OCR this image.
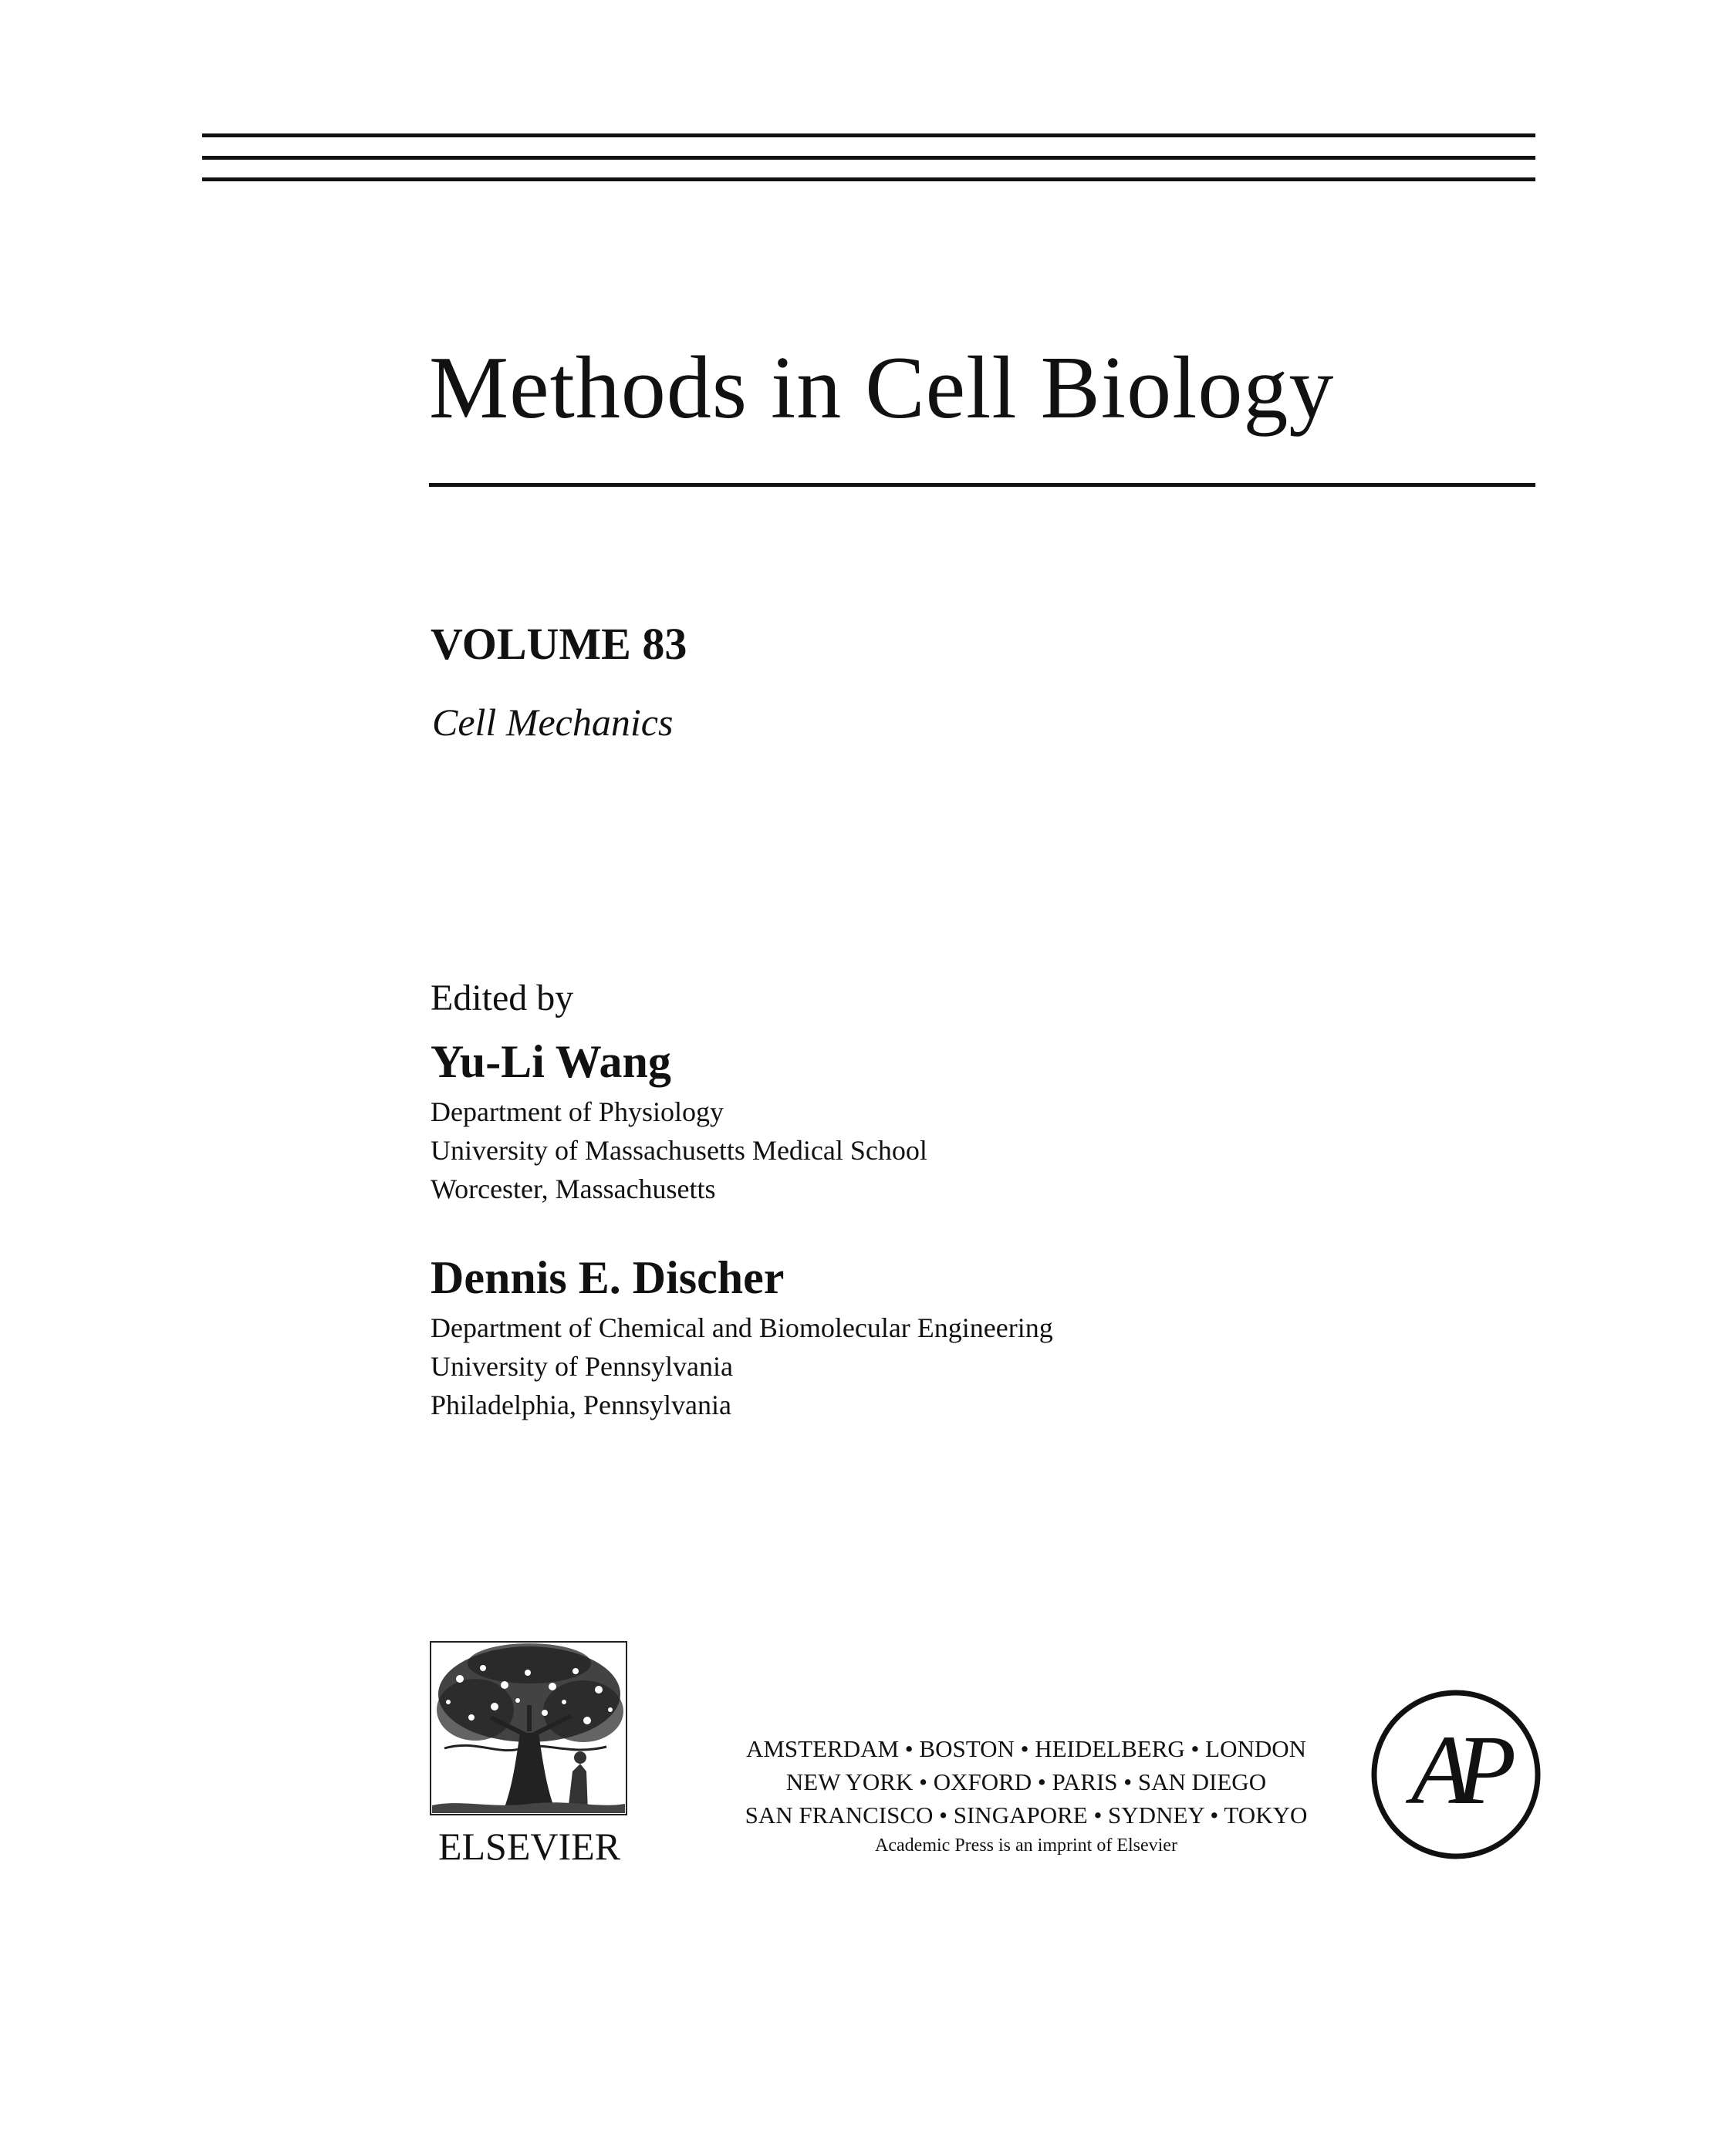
Methods in Cell Biology
VOLUME 83
Cell Mechanics
Edited by
Yu-Li Wang
Department of Physiology
University of Massachusetts Medical School
Worcester, Massachusetts
Dennis E. Discher
Department of Chemical and Biomolecular Engineering
University of Pennsylvania
Philadelphia, Pennsylvania
ELSEVIER
AMSTERDAM • BOSTON • HEIDELBERG • LONDON
NEW YORK • OXFORD • PARIS • SAN DIEGO
SAN FRANCISCO • SINGAPORE • SYDNEY • TOKYO
Academic Press is an imprint of Elsevier
AP
